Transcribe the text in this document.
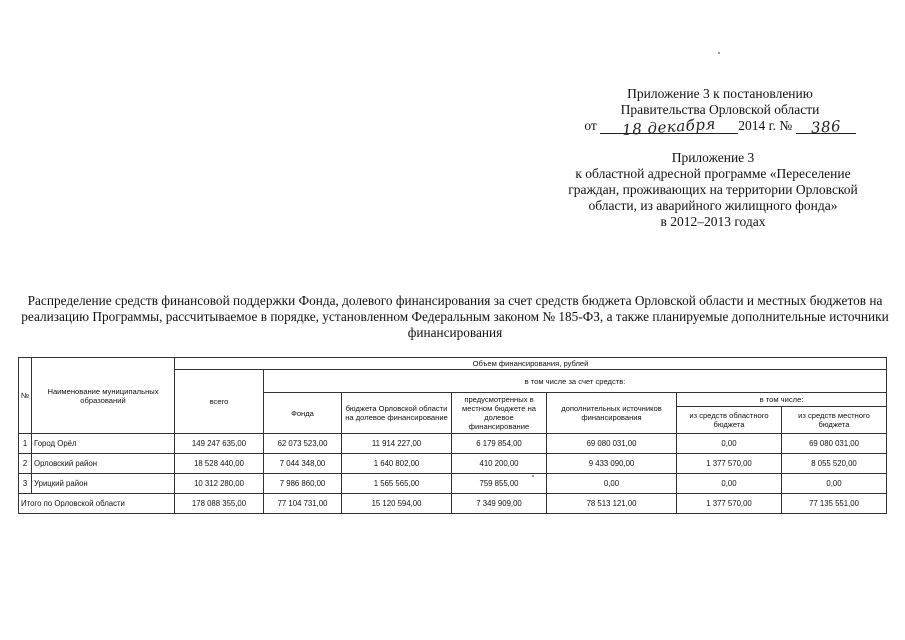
Приложение 3 к постановлению
Правительства Орловской области
от 18 декабря 2014 г. № 386
Приложение 3
к областной адресной программе «Переселение
граждан, проживающих на территории Орловской
области, из аварийного жилищного фонда»
в 2012–2013 годах
Распределение средств финансовой поддержки Фонда, долевого финансирования за счет средств бюджета Орловской области и местных бюджетов на реализацию Программы, рассчитываемое в порядке, установленном Федеральным законом № 185-ФЗ, а также планируемые дополнительные источники финансирования
№	Наименование муниципальных образований	Объем финансирования, рублей						
		всего	в том числе за счет средств:					
			Фонда	бюджета Орловской области на долевое финансирование	предусмотренных в местном бюджете на долевое финансирование	дополнительных источников финансирования	в том числе:	
							из средств областного бюджета	из средств местного бюджета
1	Город Орёл	149 247 635,00	62 073 523,00	11 914 227,00	6 179 854,00	69 080 031,00	0,00	69 080 031,00
2	Орловский район	18 528 440,00	7 044 348,00	1 640 802,00	410 200,00	9 433 090,00	1 377 570,00	8 055 520,00
3	Урицкий район	10 312 280,00	7 986 860,00	1 565 565,00	759 855,00	0,00	0,00	0,00
Итого по Орловской области		178 088 355,00	77 104 731,00	15 120 594,00	7 349 909,00	78 513 121,00	1 377 570,00	77 135 551,00
